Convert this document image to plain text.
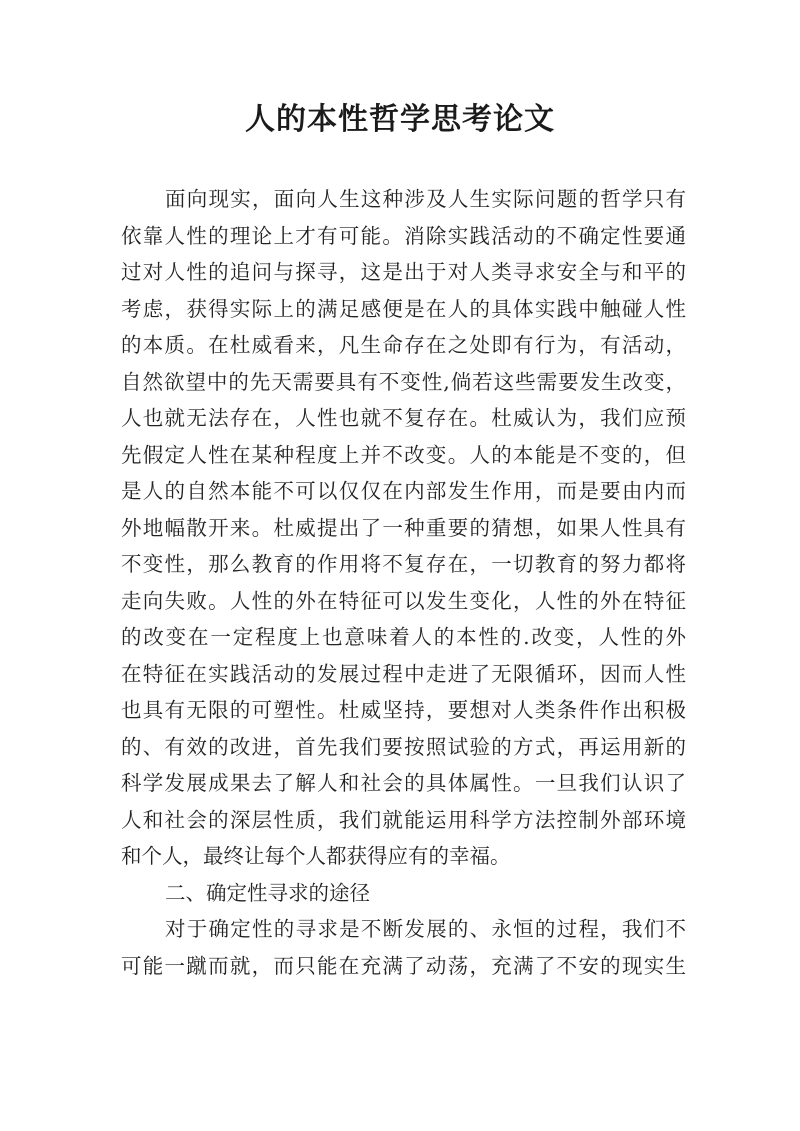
人的本性哲学思考论文
面向现实，面向人生这种涉及人生实际问题的哲学只有
依靠人性的理论上才有可能。消除实践活动的不确定性要通
过对人性的追问与探寻，这是出于对人类寻求安全与和平的
考虑，获得实际上的满足感便是在人的具体实践中触碰人性
的本质。在杜威看来，凡生命存在之处即有行为，有活动，
自然欲望中的先天需要具有不变性,倘若这些需要发生改变，
人也就无法存在，人性也就不复存在。杜威认为，我们应预
先假定人性在某种程度上并不改变。人的本能是不变的，但
是人的自然本能不可以仅仅在内部发生作用，而是要由内而
外地幅散开来。杜威提出了一种重要的猜想，如果人性具有
不变性，那么教育的作用将不复存在，一切教育的努力都将
走向失败。人性的外在特征可以发生变化，人性的外在特征
的改变在一定程度上也意味着人的本性的.改变，人性的外
在特征在实践活动的发展过程中走进了无限循环，因而人性
也具有无限的可塑性。杜威坚持，要想对人类条件作出积极
的、有效的改进，首先我们要按照试验的方式，再运用新的
科学发展成果去了解人和社会的具体属性。一旦我们认识了
人和社会的深层性质，我们就能运用科学方法控制外部环境
和个人，最终让每个人都获得应有的幸福。
二、确定性寻求的途径
对于确定性的寻求是不断发展的、永恒的过程，我们不
可能一蹴而就，而只能在充满了动荡，充满了不安的现实生
